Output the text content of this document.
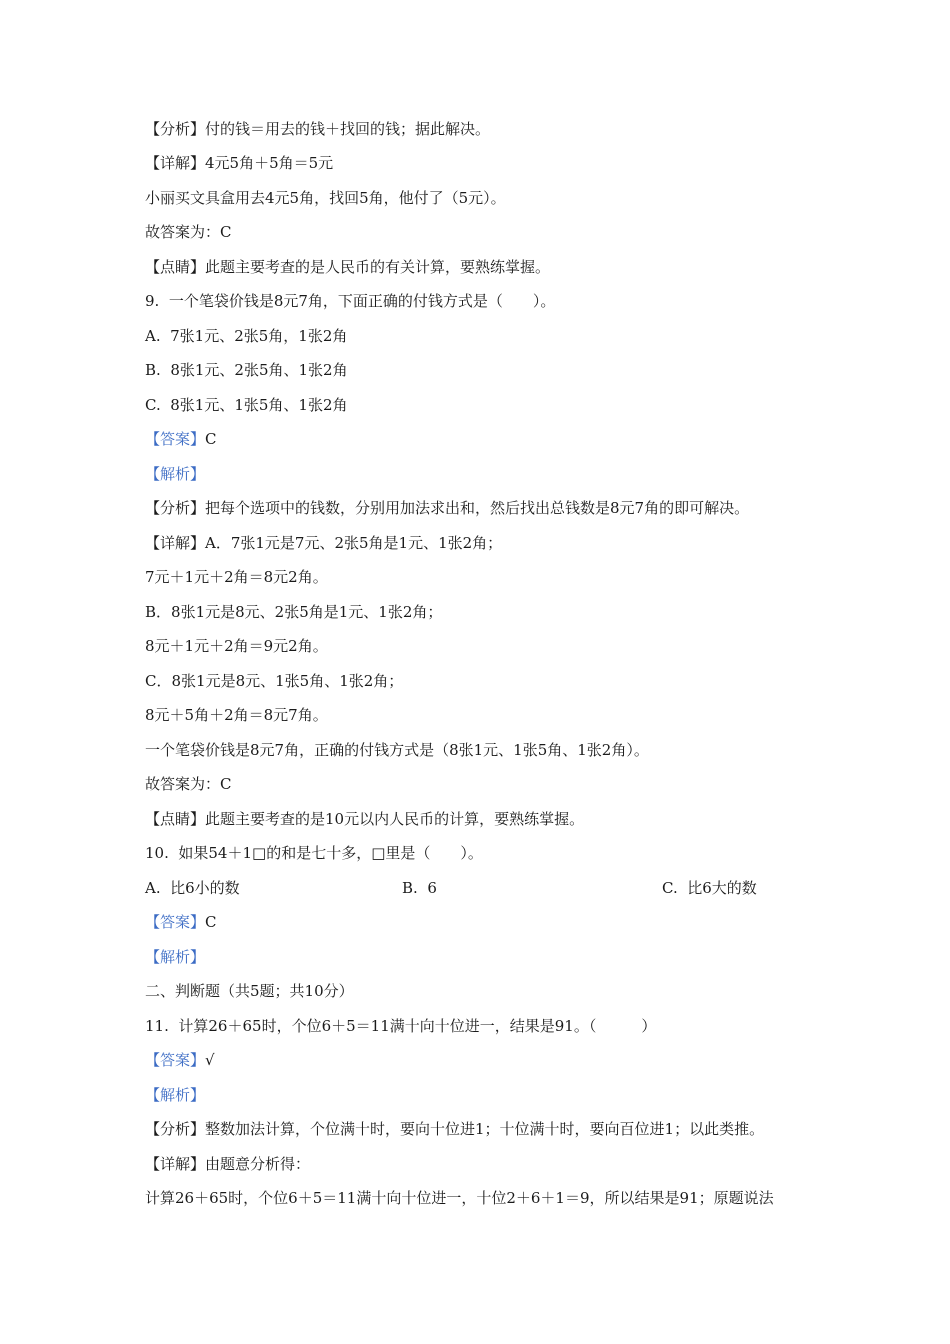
【分析】付的钱＝用去的钱＋找回的钱；据此解决。
【详解】4元5角＋5角＝5元
小丽买文具盒用去4元5角，找回5角，他付了（5元）。
故答案为：C
【点睛】此题主要考查的是人民币的有关计算，要熟练掌握。
9.  一个笔袋价钱是8元7角，下面正确的付钱方式是（　　）。
A.  7张1元、2张5角，1张2角
B.  8张1元、2张5角、1张2角
C.  8张1元、1张5角、1张2角
【答案】C
【解析】
【分析】把每个选项中的钱数，分别用加法求出和，然后找出总钱数是8元7角的即可解决。
【详解】A．7张1元是7元、2张5角是1元、1张2角；
7元＋1元＋2角＝8元2角。
B．8张1元是8元、2张5角是1元、1张2角；
8元＋1元＋2角＝9元2角。
C．8张1元是8元、1张5角、1张2角；
8元＋5角＋2角＝8元7角。
一个笔袋价钱是8元7角，正确的付钱方式是（8张1元、1张5角、1张2角）。
故答案为：C
【点睛】此题主要考查的是10元以内人民币的计算，要熟练掌握。
10.  如果54＋1□的和是七十多，□里是（　　）。
A.  比6小的数	B.  6	C.  比6大的数
【答案】C
【解析】
二、判断题（共5题；共10分）
11.  计算26＋65时，个位6＋5＝11满十向十位进一，结果是91。（　　　）
【答案】√
【解析】
【分析】整数加法计算，个位满十时，要向十位进1；十位满十时，要向百位进1；以此类推。
【详解】由题意分析得：
计算26＋65时，个位6＋5＝11满十向十位进一，十位2＋6＋1＝9，所以结果是91；原题说法
